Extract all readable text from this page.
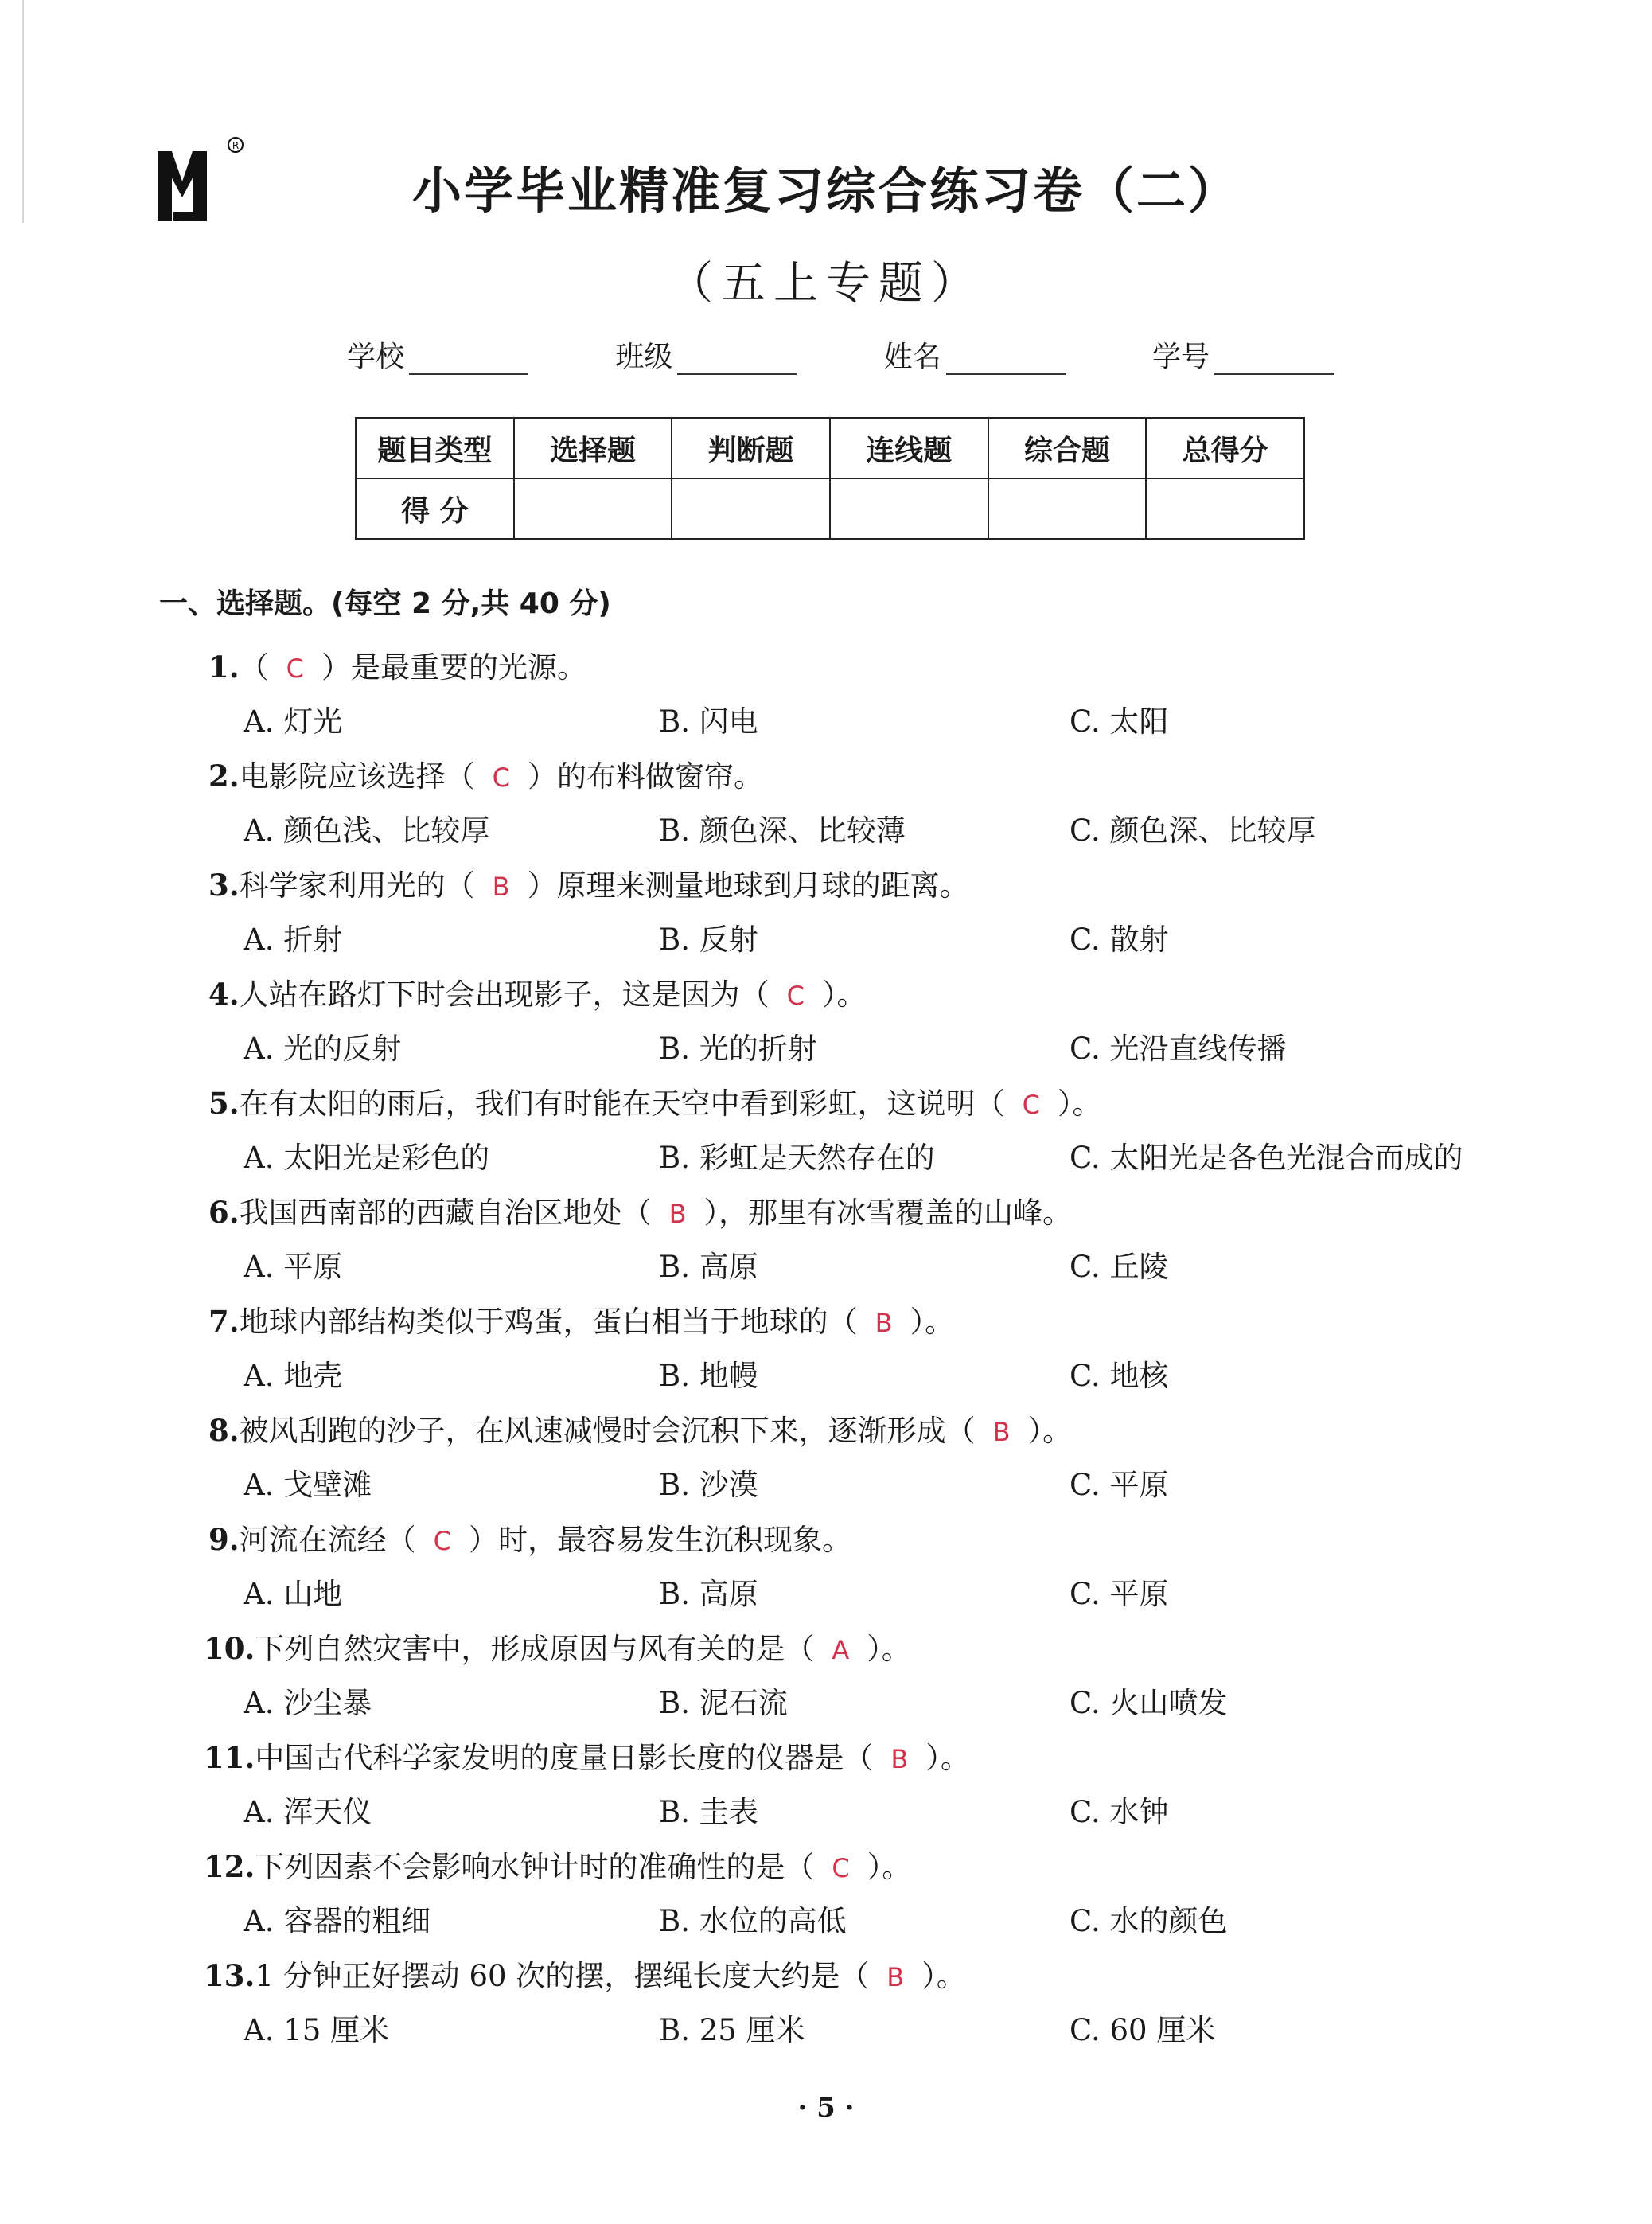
R
小学毕业精准复习综合练习卷（二）
（五上专题）
学校	班级	姓名	学号
题目类型	选择题	判断题	连线题	综合题	总得分
得 分					
一、选择题。(每空 2 分,共 40 分)
1.（ C ）是最重要的光源。
A. 灯光	B. 闪电	C. 太阳
2.电影院应该选择（ C ）的布料做窗帘。
A. 颜色浅、比较厚	B. 颜色深、比较薄	C. 颜色深、比较厚
3.科学家利用光的（ B ）原理来测量地球到月球的距离。
A. 折射	B. 反射	C. 散射
4.人站在路灯下时会出现影子，这是因为（ C ）。
A. 光的反射	B. 光的折射	C. 光沿直线传播
5.在有太阳的雨后，我们有时能在天空中看到彩虹，这说明（ C ）。
A. 太阳光是彩色的	B. 彩虹是天然存在的	C. 太阳光是各色光混合而成的
6.我国西南部的西藏自治区地处（ B ），那里有冰雪覆盖的山峰。
A. 平原	B. 高原	C. 丘陵
7.地球内部结构类似于鸡蛋，蛋白相当于地球的（ B ）。
A. 地壳	B. 地幔	C. 地核
8.被风刮跑的沙子，在风速减慢时会沉积下来，逐渐形成（ B ）。
A. 戈壁滩	B. 沙漠	C. 平原
9.河流在流经（ C ）时，最容易发生沉积现象。
A. 山地	B. 高原	C. 平原
10.下列自然灾害中，形成原因与风有关的是（ A ）。
A. 沙尘暴	B. 泥石流	C. 火山喷发
11.中国古代科学家发明的度量日影长度的仪器是（ B ）。
A. 浑天仪	B. 圭表	C. 水钟
12.下列因素不会影响水钟计时的准确性的是（ C ）。
A. 容器的粗细	B. 水位的高低	C. 水的颜色
13.1 分钟正好摆动 60 次的摆，摆绳长度大约是（ B ）。
A. 15 厘米	B. 25 厘米	C. 60 厘米
· 5 ·
